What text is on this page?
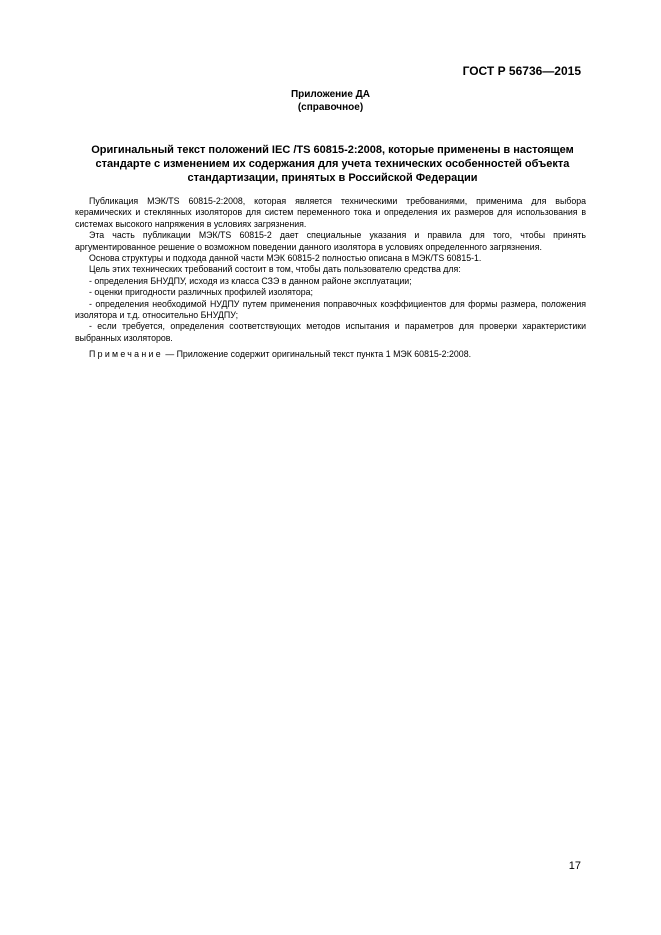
ГОСТ Р 56736—2015
Приложение ДА
(справочное)
Оригинальный текст положений IEC /TS 60815-2:2008, которые применены в настоящем
стандарте с изменением их содержания для учета технических особенностей объекта
стандартизации, принятых в Российской Федерации

Публикация МЭК/TS 60815-2:2008, которая является техническими требованиями, применима для выбора керамических и стеклянных изоляторов для систем переменного тока и определения их размеров для использования в системах высокого напряжения в условиях загрязнения.

Эта часть публикации МЭК/TS 60815-2 дает специальные указания и правила для того, чтобы принять аргументированное решение о возможном поведении данного изолятора в условиях определенного загрязнения.

Основа структуры и подхода данной части МЭК 60815-2 полностью описана в МЭК/TS 60815-1.

Цель этих технических требований состоит в том, чтобы дать пользователю средства для:

- определения БНУДПУ, исходя из класса СЗЭ в данном районе эксплуатации;

- оценки пригодности различных профилей изолятора;

- определения необходимой НУДПУ путем применения поправочных коэффициентов для формы размера, положения изолятора и т.д. относительно БНУДПУ;

- если требуется, определения соответствующих методов испытания и параметров для проверки характеристики выбранных изоляторов.

Примечание — Приложение содержит оригинальный текст пункта 1 МЭК 60815-2:2008.

17
